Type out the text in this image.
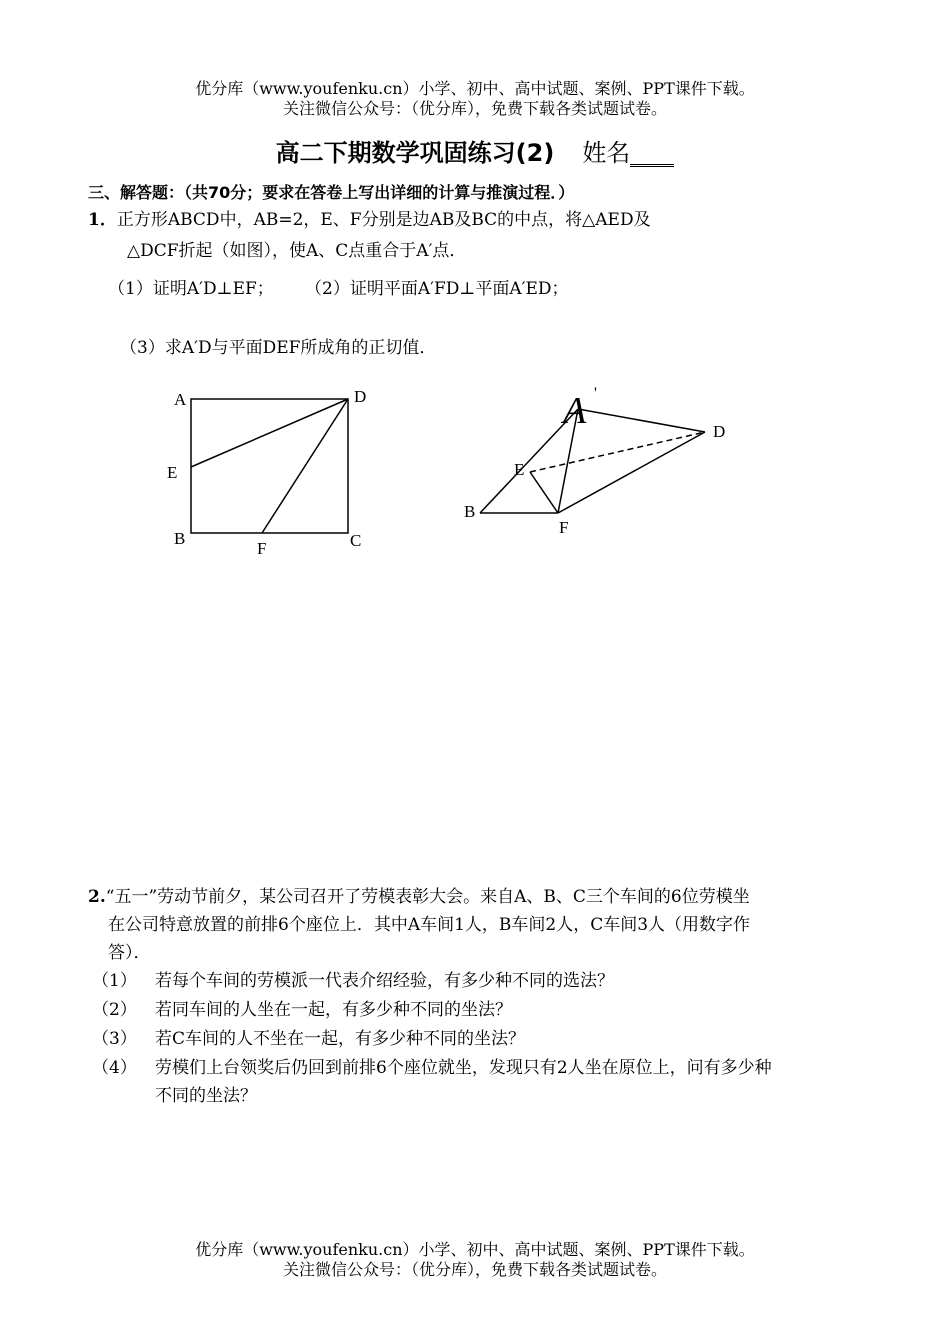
优分库（www.youfenku.cn）小学、初中、高中试题、案例、PPT课件下载。
关注微信公众号：（优分库），免费下载各类试题试卷。
高二下期数学巩固练习(2) 姓名
三、解答题：（共70分；要求在答卷上写出详细的计算与推演过程．）
1．正方形ABCD中，AB=2，E、F分别是边AB及BC的中点，将△AED及
△DCF折起（如图），使A、C点重合于A′点．
（1）证明A′D⊥EF； （2）证明平面A′FD⊥平面A′ED；
（3）求A′D与平面DEF所成角的正切值．
A	D
E
B
F	C
A '
D
E
B
F
2.“五一”劳动节前夕，某公司召开了劳模表彰大会。来自A、B、C三个车间的6位劳模坐
在公司特意放置的前排6个座位上．其中A车间1人，B车间2人，C车间3人（用数字作
答）．
（1） 若每个车间的劳模派一代表介绍经验，有多少种不同的选法？
（2） 若同车间的人坐在一起，有多少种不同的坐法？
（3） 若C车间的人不坐在一起，有多少种不同的坐法？
（4） 劳模们上台领奖后仍回到前排6个座位就坐，发现只有2人坐在原位上，问有多少种
不同的坐法？
优分库（www.youfenku.cn）小学、初中、高中试题、案例、PPT课件下载。
关注微信公众号：（优分库），免费下载各类试题试卷。
